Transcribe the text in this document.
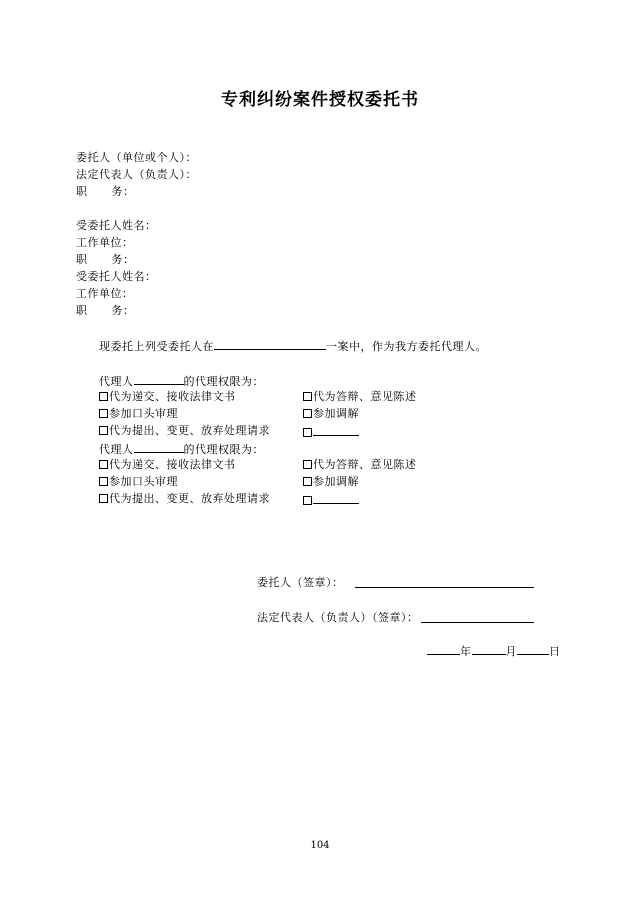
专利纠纷案件授权委托书
委托人（单位或个人）：
法定代表人（负责人）：
职 务：
受委托人姓名：
工作单位：
职 务：
受委托人姓名：
工作单位：
职 务：
现委托上列受委托人在	一案中，作为我方委托代理人。
代理人	的代理权限为：
代为递交、接收法律文书	代为答辩、意见陈述
参加口头审理	参加调解
代为提出、变更、放弃处理请求
代理人	的代理权限为：
代为递交、接收法律文书	代为答辩、意见陈述
参加口头审理	参加调解
代为提出、变更、放弃处理请求
委托人（签章）：
法定代表人（负责人）（签章）：
年	月	日
104
